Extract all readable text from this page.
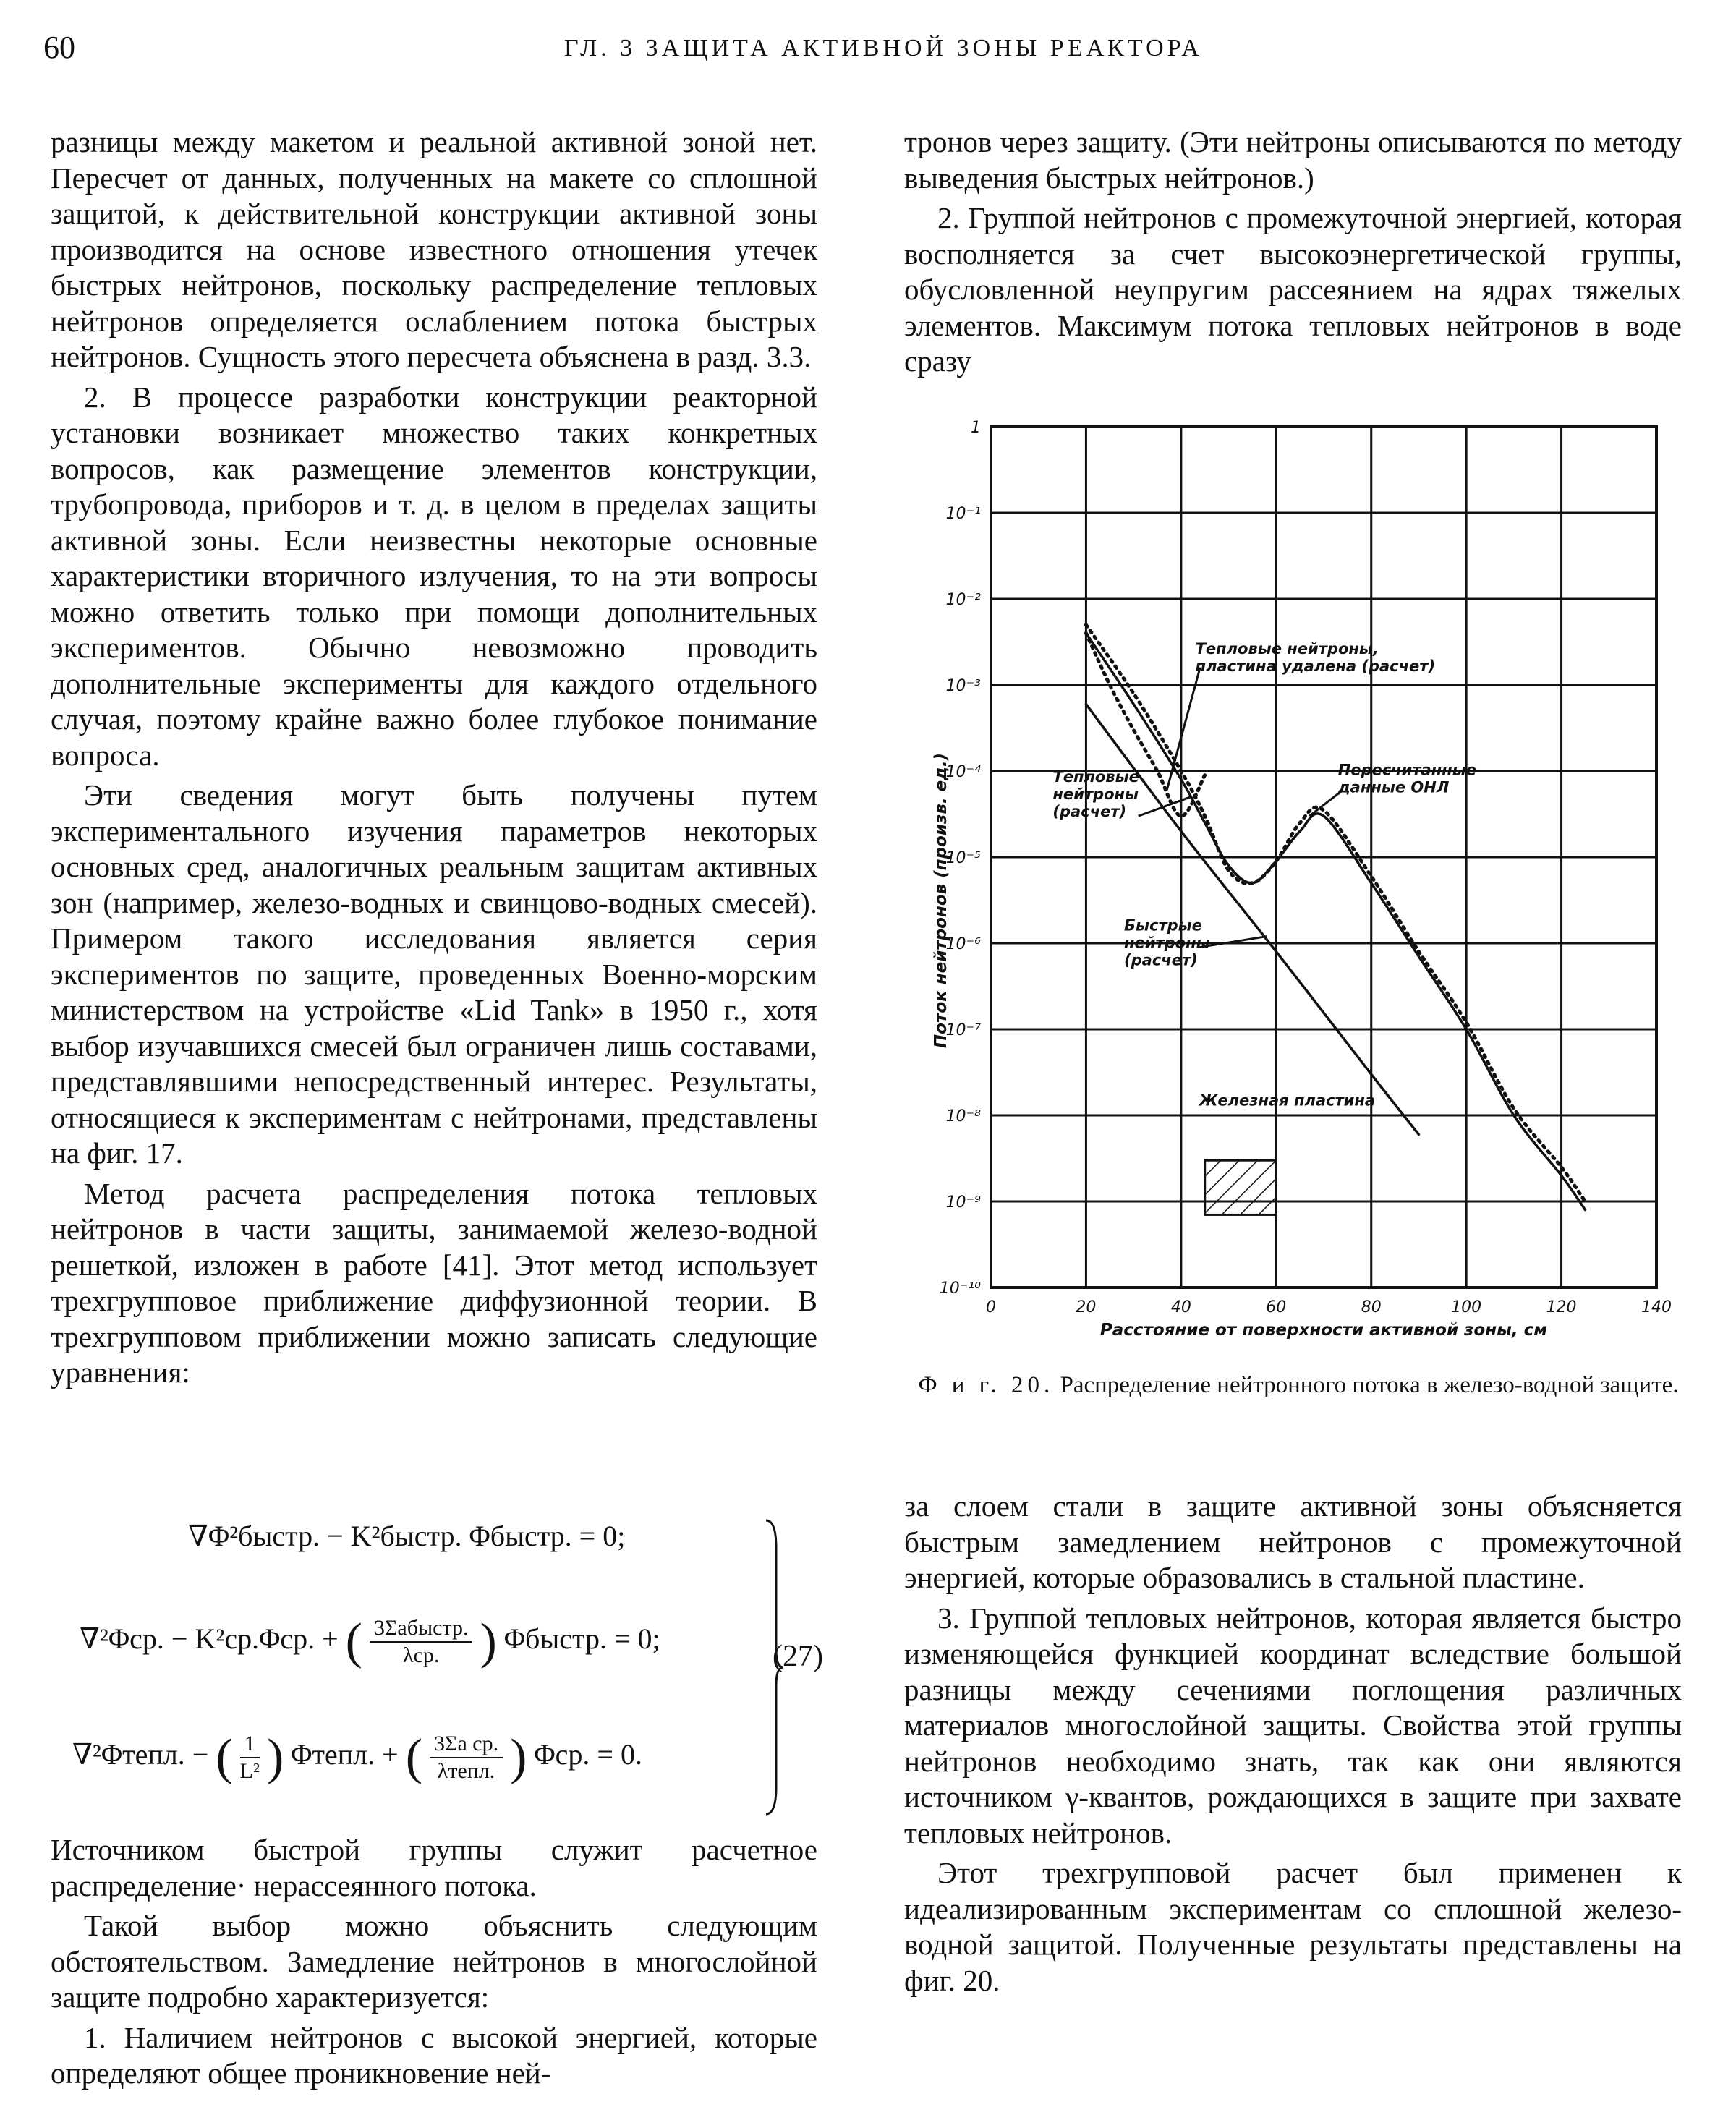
60	ГЛ. 3 ЗАЩИТА АКТИВНОЙ ЗОНЫ РЕАКТОРА

разницы между макетом и реальной активной зоной нет. Пересчет от данных, полученных на макете со сплошной защитой, к действительной конструкции активной зоны производится на основе известного отношения утечек быстрых нейтронов, поскольку распределение тепловых нейтронов определяется ослаблением потока быстрых нейтронов. Сущность этого пересчета объяснена в разд. 3.3.

2. В процессе разработки конструкции реакторной установки возникает множество таких конкретных вопросов, как размещение элементов конструкции, трубопровода, приборов и т. д. в целом в пределах защиты активной зоны. Если неизвестны некоторые основные характеристики вторичного излучения, то на эти вопросы можно ответить только при помощи дополнительных экспериментов. Обычно невозможно проводить дополнительные эксперименты для каждого отдельного случая, поэтому крайне важно более глубокое понимание вопроса.

Эти сведения могут быть получены путем экспериментального изучения параметров некоторых основных сред, аналогичных реальным защитам активных зон (например, железо-водных и свинцово-водных смесей). Примером такого исследования является серия экспериментов по защите, проведенных Военно-морским министерством на устройстве «Lid Tank» в 1950 г., хотя выбор изучавшихся смесей был ограничен лишь составами, представлявшими непосредственный интерес. Результаты, относящиеся к экспериментам с нейтронами, представлены на фиг. 17.

Метод расчета распределения потока тепловых нейтронов в части защиты, занимаемой железо-водной решеткой, изложен в работе [41]. Этот метод использует трехгрупповое приближение диффузионной теории. В трехгрупповом приближении можно записать следующие уравнения:

∇Φ²быстр. − K²быстр. Φбыстр. = 0;
∇²Φср. − K²ср.Φср. + ( $\frac{\text{3Σaбыстр.}}{\text{λср.}}$ ) Φбыстр. = 0;
∇²Φтепл. − ( $\frac{1}{\text{L²}}$ ) Φтепл. + ( $\frac{\text{3Σa ср.}}{\text{λтепл.}}$ ) Φср. = 0.
(27)

Источником быстрой группы служит расчетное распределение· нерассеянного потока.

Такой выбор можно объяснить следующим обстоятельством. Замедление нейтронов в многослойной защите подробно характеризуется:

1. Наличием нейтронов с высокой энергией, которые определяют общее проникновение ней-

тронов через защиту. (Эти нейтроны описываются по методу выведения быстрых нейтронов.)

2. Группой нейтронов с промежуточной энергией, которая восполняется за счет высокоэнергетической группы, обусловленной неупругим рассеянием на ядрах тяжелых элементов. Максимум потока тепловых нейтронов в воде сразу

0	20	40	60	80	100	120	140
1
10⁻¹
10⁻²
10⁻³
10⁻⁴
10⁻⁵
10⁻⁶
10⁻⁷
10⁻⁸
10⁻⁹
10⁻¹⁰
Расстояние от поверхности активной зоны, см
Поток нейтронов (произв. ед.)
Железная пластина
Тепловые нейтроны, пластина удалена (расчет)
Тепловые нейтроны (расчет)
Пересчитанные данные ОНЛ
Быстрые нейтроны (расчет)
Ф и г. 20. Распределение нейтронного потока в железо-водной защите.

за слоем стали в защите активной зоны объясняется быстрым замедлением нейтронов с промежуточной энергией, которые образовались в стальной пластине.

3. Группой тепловых нейтронов, которая является быстро изменяющейся функцией координат вследствие большой разницы между сечениями поглощения различных материалов многослойной защиты. Свойства этой группы нейтронов необходимо знать, так как они являются источником γ-квантов, рождающихся в защите при захвате тепловых нейтронов.

Этот трехгрупповой расчет был применен к идеализированным экспериментам со сплошной железо-водной защитой. Полученные результаты представлены на фиг. 20.
